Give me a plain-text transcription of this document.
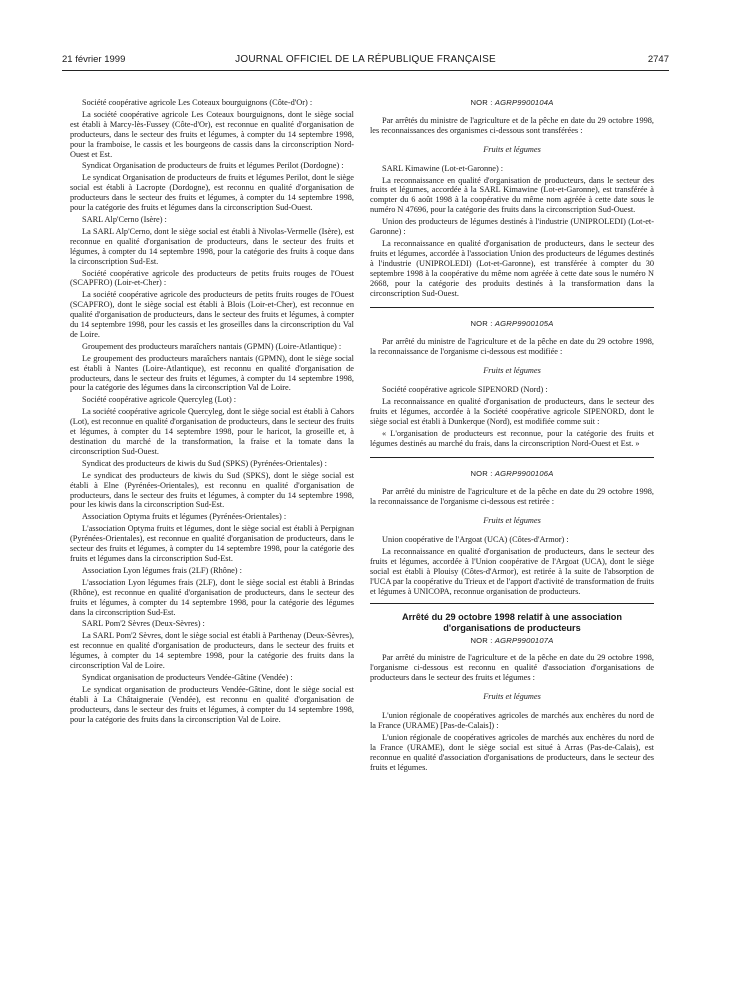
21 février 1999	JOURNAL OFFICIEL DE LA RÉPUBLIQUE FRANÇAISE	2747

Société coopérative agricole Les Coteaux bourguignons (Côte-d'Or) :

La société coopérative agricole Les Coteaux bourguignons, dont le siège social est établi à Marcy-lès-Fussey (Côte-d'Or), est reconnue en qualité d'organisation de producteurs, dans le secteur des fruits et légumes, à compter du 14 septembre 1998, pour la framboise, le cassis et les bourgeons de cassis dans la circonscription Nord-Ouest et Est.

Syndicat Organisation de producteurs de fruits et légumes Perilot (Dordogne) :

Le syndicat Organisation de producteurs de fruits et légumes Perilot, dont le siège social est établi à Lacropte (Dordogne), est reconnu en qualité d'organisation de producteurs dans le secteur des fruits et légumes, à compter du 14 septembre 1998, pour la catégorie des fruits et légumes dans la circonscription Sud-Ouest.

SARL Alp'Cerno (Isère) :

La SARL Alp'Cerno, dont le siège social est établi à Nivolas-Vermelle (Isère), est reconnue en qualité d'organisation de producteurs, dans le secteur des fruits et légumes, à compter du 14 septembre 1998, pour la catégorie des fruits à coque dans la circonscription Sud-Est.

Société coopérative agricole des producteurs de petits fruits rouges de l'Ouest (SCAPFRO) (Loir-et-Cher) :

La société coopérative agricole des producteurs de petits fruits rouges de l'Ouest (SCAPFRO), dont le siège social est établi à Blois (Loir-et-Cher), est reconnue en qualité d'organisation de producteurs, dans le secteur des fruits et légumes, à compter du 14 septembre 1998, pour les cassis et les groseilles dans la circonscription du Val de Loire.

Groupement des producteurs maraîchers nantais (GPMN) (Loire-Atlantique) :

Le groupement des producteurs maraîchers nantais (GPMN), dont le siège social est établi à Nantes (Loire-Atlantique), est reconnu en qualité d'organisation de producteurs, dans le secteur des fruits et légumes, à compter du 14 septembre 1998, pour la catégorie des légumes dans la circonscription Val de Loire.

Société coopérative agricole Quercyleg (Lot) :

La société coopérative agricole Quercyleg, dont le siège social est établi à Cahors (Lot), est reconnue en qualité d'organisation de producteurs, dans le secteur des fruits et légumes, à compter du 14 septembre 1998, pour le haricot, la groseille et, à destination du marché de la transformation, la fraise et la tomate dans la circonscription Sud-Ouest.

Syndicat des producteurs de kiwis du Sud (SPKS) (Pyrénées-Orientales) :

Le syndicat des producteurs de kiwis du Sud (SPKS), dont le siège social est établi à Elne (Pyrénées-Orientales), est reconnu en qualité d'organisation de producteurs, dans le secteur des fruits et légumes, à compter du 14 septembre 1998, pour les kiwis dans la circonscription Sud-Est.

Association Optyma fruits et légumes (Pyrénées-Orientales) :

L'association Optyma fruits et légumes, dont le siège social est établi à Perpignan (Pyrénées-Orientales), est reconnue en qualité d'organisation de producteurs, dans le secteur des fruits et légumes, à compter du 14 septembre 1998, pour la catégorie des fruits et légumes dans la circonscription Sud-Est.

Association Lyon légumes frais (2LF) (Rhône) :

L'association Lyon légumes frais (2LF), dont le siège social est établi à Brindas (Rhône), est reconnue en qualité d'organisation de producteurs, dans le secteur des fruits et légumes, à compter du 14 septembre 1998, pour la catégorie des légumes dans la circonscription Sud-Est.

SARL Pom'2 Sèvres (Deux-Sèvres) :

La SARL Pom'2 Sèvres, dont le siège social est établi à Parthenay (Deux-Sèvres), est reconnue en qualité d'organisation de producteurs, dans le secteur des fruits et légumes, à compter du 14 septembre 1998, pour la catégorie des fruits dans la circonscription Val de Loire.

Syndicat organisation de producteurs Vendée-Gâtine (Vendée) :

Le syndicat organisation de producteurs Vendée-Gâtine, dont le siège social est établi à La Châtaigneraie (Vendée), est reconnu en qualité d'organisation de producteurs, dans le secteur des fruits et légumes, à compter du 14 septembre 1998, pour la catégorie des fruits dans la circonscription Val de Loire.

NOR : AGRP9900104A

Par arrêtés du ministre de l'agriculture et de la pêche en date du 29 octobre 1998, les reconnaissances des organismes ci-dessous sont transférées :

Fruits et légumes

SARL Kimawine (Lot-et-Garonne) :

La reconnaissance en qualité d'organisation de producteurs, dans le secteur des fruits et légumes, accordée à la SARL Kimawine (Lot-et-Garonne), est transférée à compter du 6 août 1998 à la coopérative du même nom agréée à cette date sous le numéro N 47696, pour la catégorie des fruits dans la circonscription Sud-Ouest.

Union des producteurs de légumes destinés à l'industrie (UNIPROLEDI) (Lot-et-Garonne) :

La reconnaissance en qualité d'organisation de producteurs, dans le secteur des fruits et légumes, accordée à l'association Union des producteurs de légumes destinés à l'industrie (UNIPROLEDI) (Lot-et-Garonne), est transférée à compter du 30 septembre 1998 à la coopérative du même nom agréée à cette date sous le numéro N 2668, pour la catégorie des produits destinés à la transformation dans la circonscription Sud-Ouest.

NOR : AGRP9900105A

Par arrêté du ministre de l'agriculture et de la pêche en date du 29 octobre 1998, la reconnaissance de l'organisme ci-dessous est modifiée :

Fruits et légumes

Société coopérative agricole SIPENORD (Nord) :

La reconnaissance en qualité d'organisation de producteurs, dans le secteur des fruits et légumes, accordée à la Société coopérative agricole SIPENORD, dont le siège social est établi à Dunkerque (Nord), est modifiée comme suit :

« L'organisation de producteurs est reconnue, pour la catégorie des fruits et légumes destinés au marché du frais, dans la circonscription Nord-Ouest et Est. »

NOR : AGRP9900106A

Par arrêté du ministre de l'agriculture et de la pêche en date du 29 octobre 1998, la reconnaissance de l'organisme ci-dessous est retirée :

Fruits et légumes

Union coopérative de l'Argoat (UCA) (Côtes-d'Armor) :

La reconnaissance en qualité d'organisation de producteurs, dans le secteur des fruits et légumes, accordée à l'Union coopérative de l'Argoat (UCA), dont le siège social est établi à Plouisy (Côtes-d'Armor), est retirée à la suite de l'absorption de l'UCA par la coopérative du Trieux et de l'apport d'activité de transformation de fruits et légumes à UNICOPA, reconnue organisation de producteurs.

Arrêté du 29 octobre 1998 relatif à une association
d'organisations de producteurs
NOR : AGRP9900107A

Par arrêté du ministre de l'agriculture et de la pêche en date du 29 octobre 1998, l'organisme ci-dessous est reconnu en qualité d'association d'organisations de producteurs dans le secteur des fruits et légumes :

Fruits et légumes

L'union régionale de coopératives agricoles de marchés aux enchères du nord de la France (URAME) [Pas-de-Calais]) :

L'union régionale de coopératives agricoles de marchés aux enchères du nord de la France (URAME), dont le siège social est situé à Arras (Pas-de-Calais), est reconnue en qualité d'association d'organisations de producteurs, dans le secteur des fruits et légumes.
